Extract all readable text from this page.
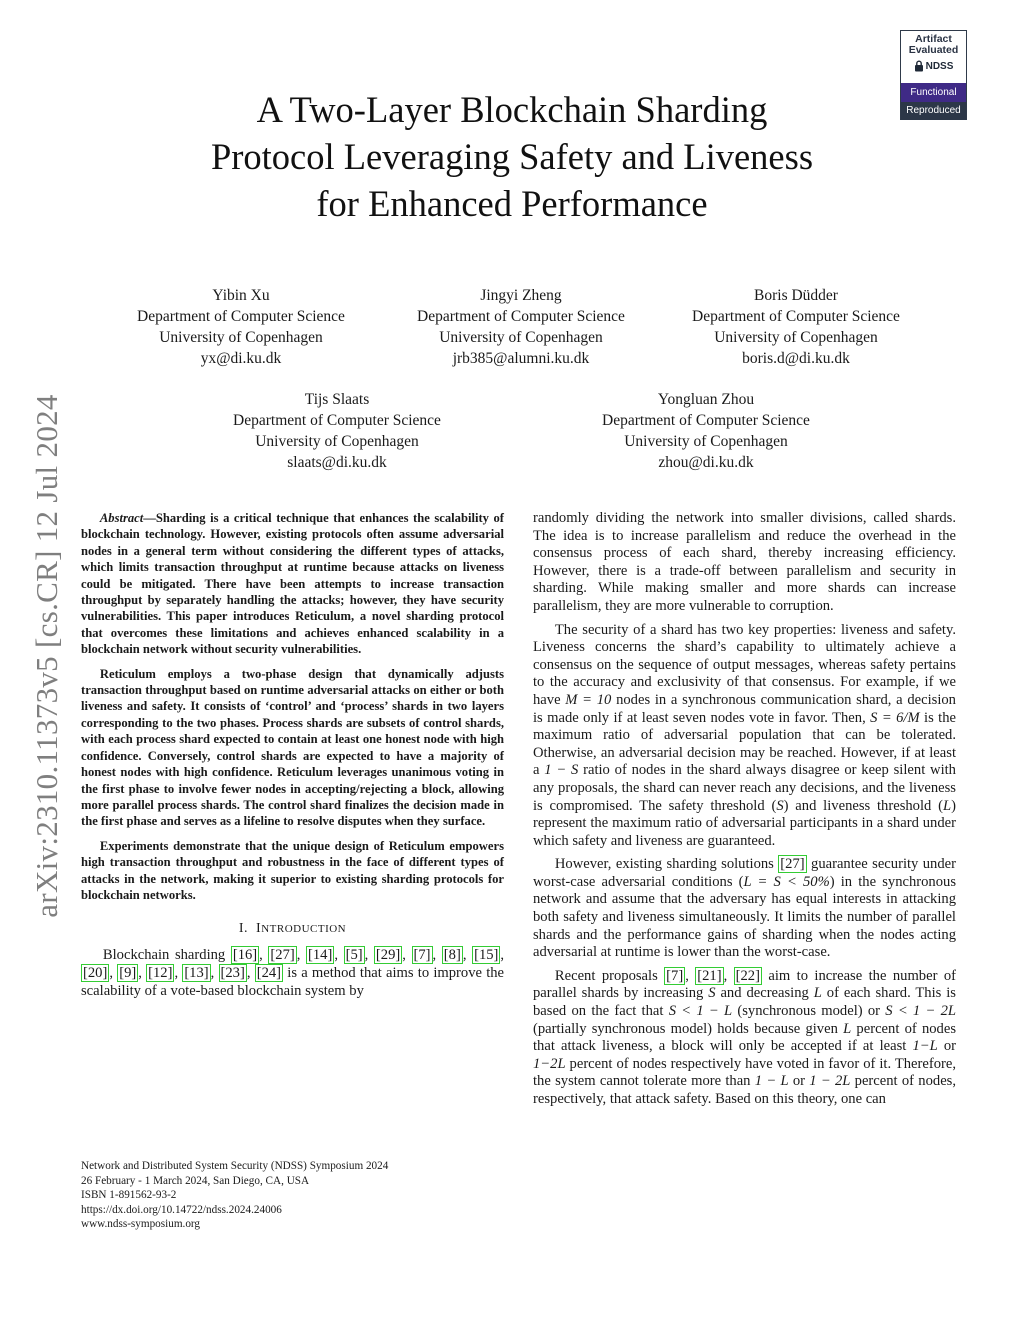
arXiv:2310.11373v5 [cs.CR] 12 Jul 2024
Artifact
Evaluated
NDSS
Functional
Reproduced
A Two-Layer Blockchain Sharding
Protocol Leveraging Safety and Liveness
for Enhanced Performance
Yibin Xu
Department of Computer Science
University of Copenhagen
yx@di.ku.dk
Jingyi Zheng
Department of Computer Science
University of Copenhagen
jrb385@alumni.ku.dk
Boris Düdder
Department of Computer Science
University of Copenhagen
boris.d@di.ku.dk
Tijs Slaats
Department of Computer Science
University of Copenhagen
slaats@di.ku.dk
Yongluan Zhou
Department of Computer Science
University of Copenhagen
zhou@di.ku.dk

Abstract—Sharding is a critical technique that enhances the scalability of blockchain technology. However, existing protocols often assume adversarial nodes in a general term without considering the different types of attacks, which limits transaction throughput at runtime because attacks on liveness could be mitigated. There have been attempts to increase transaction throughput by separately handling the attacks; however, they have security vulnerabilities. This paper introduces Reticulum, a novel sharding protocol that overcomes these limitations and achieves enhanced scalability in a blockchain network without security vulnerabilities.

Reticulum employs a two-phase design that dynamically adjusts transaction throughput based on runtime adversarial attacks on either or both liveness and safety. It consists of ‘control’ and ‘process’ shards in two layers corresponding to the two phases. Process shards are subsets of control shards, with each process shard expected to contain at least one honest node with high confidence. Conversely, control shards are expected to have a majority of honest nodes with high confidence. Reticulum leverages unanimous voting in the first phase to involve fewer nodes in accepting/rejecting a block, allowing more parallel process shards. The control shard finalizes the decision made in the first phase and serves as a lifeline to resolve disputes when they surface.

Experiments demonstrate that the unique design of Reticulum empowers high transaction throughput and robustness in the face of different types of attacks in the network, making it superior to existing sharding protocols for blockchain networks.

I. INTRODUCTION

Blockchain sharding [16] , [27] , [14] , [5] , [29] , [7] , [8] , [15] , [20] , [9] , [12] , [13] , [23] , [24] is a method that aims to improve the scalability of a vote-based blockchain system by

randomly dividing the network into smaller divisions, called shards. The idea is to increase parallelism and reduce the overhead in the consensus process of each shard, thereby increasing efficiency. However, there is a trade-off between parallelism and security in sharding. While making smaller and more shards can increase parallelism, they are more vulnerable to corruption.

The security of a shard has two key properties: liveness and safety. Liveness concerns the shard’s capability to ultimately achieve a consensus on the sequence of output messages, whereas safety pertains to the accuracy and exclusivity of that consensus. For example, if we have M = 10 nodes in a synchronous communication shard, a decision is made only if at least seven nodes vote in favor. Then, S = 6/M is the maximum ratio of adversarial population that can be tolerated. Otherwise, an adversarial decision may be reached. However, if at least a 1 − S ratio of nodes in the shard always disagree or keep silent with any proposals, the shard can never reach any decisions, and the liveness is compromised. The safety threshold (S) and liveness threshold (L) represent the maximum ratio of adversarial participants in a shard under which safety and liveness are guaranteed.

However, existing sharding solutions [27] guarantee security under worst-case adversarial conditions (L = S < 50%) in the synchronous network and assume that the adversary has equal interests in attacking both safety and liveness simultaneously. It limits the number of parallel shards and the performance gains of sharding when the nodes acting adversarial at runtime is lower than the worst-case.

Recent proposals [7] , [21] , [22] aim to increase the number of parallel shards by increasing S and decreasing L of each shard. This is based on the fact that S < 1 − L (synchronous model) or S < 1 − 2L (partially synchronous model) holds because given L percent of nodes that attack liveness, a block will only be accepted if at least 1−L or 1−2L percent of nodes respectively have voted in favor of it. Therefore, the system cannot tolerate more than 1 − L or 1 − 2L percent of nodes, respectively, that attack safety. Based on this theory, one can

Network and Distributed System Security (NDSS) Symposium 2024
26 February - 1 March 2024, San Diego, CA, USA
ISBN 1-891562-93-2
https://dx.doi.org/10.14722/ndss.2024.24006
www.ndss-symposium.org
